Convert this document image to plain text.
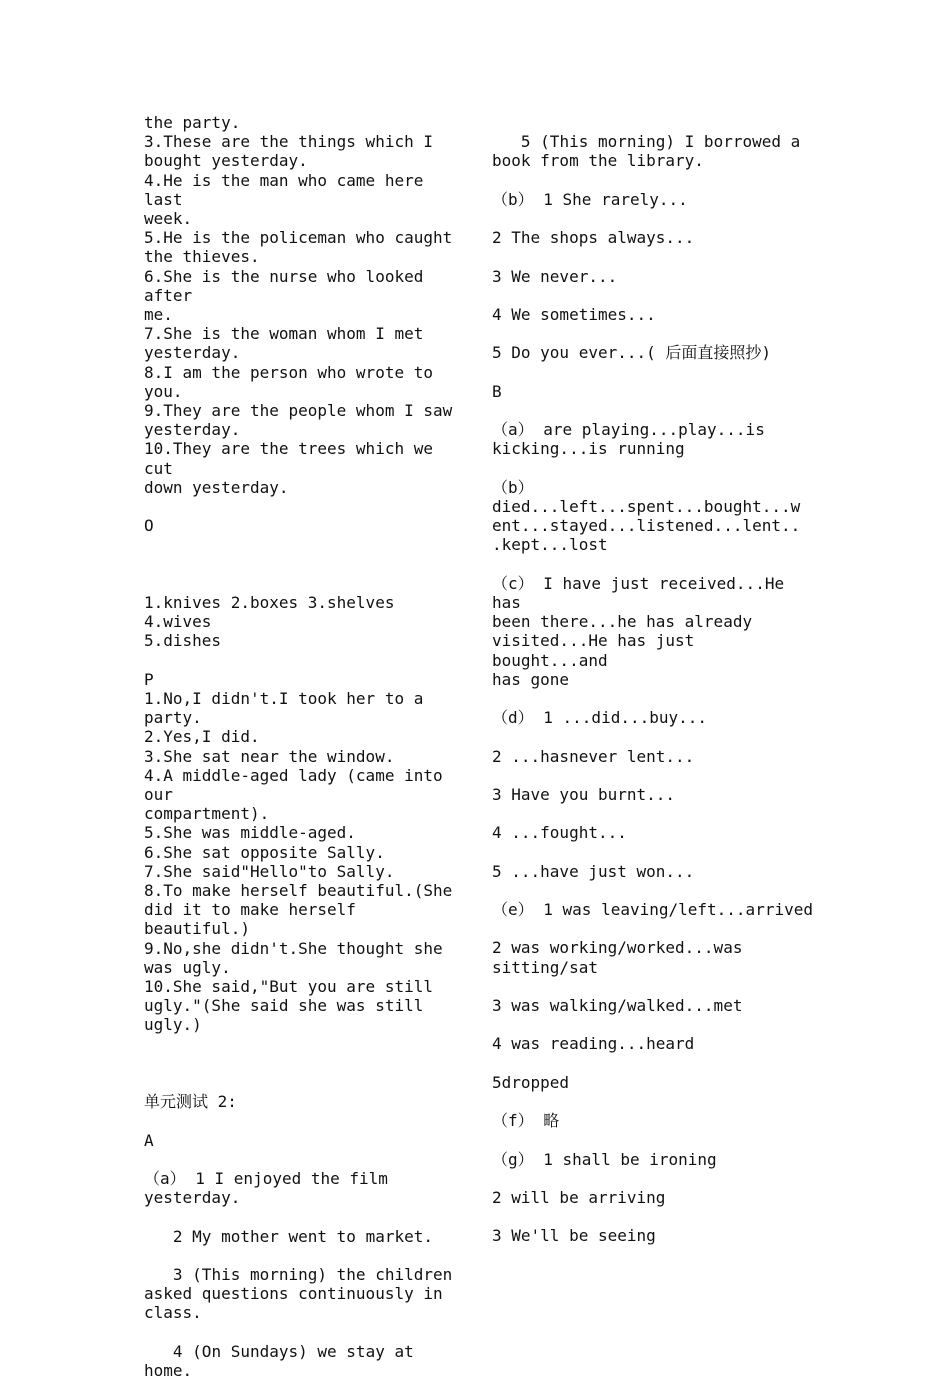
the party.
3.These are the things which I
bought yesterday.
4.He is the man who came here last
week.
5.He is the policeman who caught
the thieves.
6.She is the nurse who looked after
me.
7.She is the woman whom I met
yesterday.
8.I am the person who wrote to you.
9.They are the people whom I saw
yesterday.
10.They are the trees which we cut
down yesterday.
O
1.knives 2.boxes 3.shelves 4.wives
5.dishes
P
1.No,I didn't.I took her to a
party.
2.Yes,I did.
3.She sat near the window.
4.A middle-aged lady (came into our
compartment).
5.She was middle-aged.
6.She sat opposite Sally.
7.She said"Hello"to Sally.
8.To make herself beautiful.(She
did it to make herself beautiful.)
9.No,she didn't.She thought she
was ugly.
10.She said,"But you are still
ugly."(She said she was still
ugly.)
单元测试 2:
A
（a） 1 I enjoyed the film
yesterday.
2 My mother went to market.
3 (This morning) the children
asked questions continuously in
class.
4 (On Sundays) we stay at home.
5 (This morning) I borrowed a
book from the library.
（b） 1 She rarely...
2 The shops always...
3 We never...
4 We sometimes...
5 Do you ever...( 后面直接照抄)
B
（a） are playing...play...is
kicking...is running
（b）
died...left...spent...bought...w
ent...stayed...listened...lent..
.kept...lost
（c） I have just received...He has
been there...he has already
visited...He has just bought...and
has gone
（d） 1 ...did...buy...
2 ...hasnever lent...
3 Have you burnt...
4 ...fought...
5 ...have just won...
（e） 1 was leaving/left...arrived
2 was working/worked...was
sitting/sat
3 was walking/walked...met
4 was reading...heard
5dropped
（f） 略
（g） 1 shall be ironing
2 will be arriving
3 We'll be seeing
